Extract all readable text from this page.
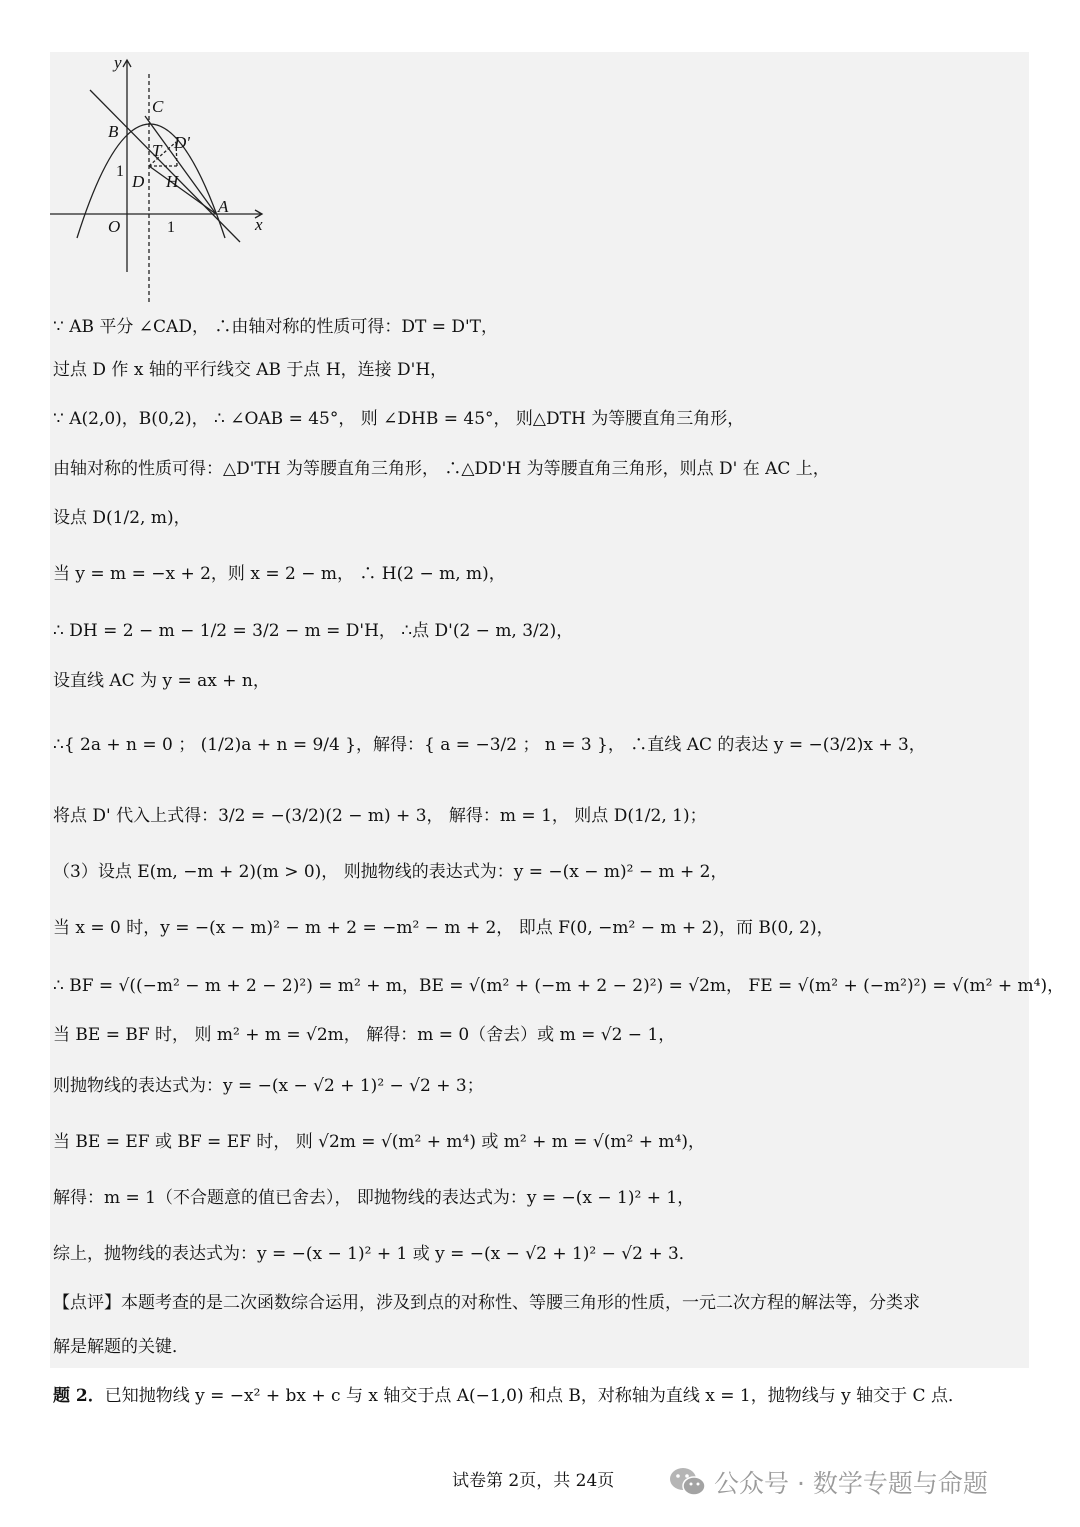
y
x
O
B
C
D'
T
D H
A
1
1
∵ AB 平分 ∠CAD， ∴由轴对称的性质可得：DT = D'T，
过点 D 作 x 轴的平行线交 AB 于点 H，连接 D'H，
∵ A(2,0)，B(0,2)， ∴ ∠OAB = 45°， 则 ∠DHB = 45°， 则△DTH 为等腰直角三角形，
由轴对称的性质可得：△D'TH 为等腰直角三角形， ∴△DD'H 为等腰直角三角形，则点 D' 在 AC 上，
设点 D(1/2, m)，
当 y = m = −x + 2，则 x = 2 − m， ∴ H(2 − m, m)，
∴ DH = 2 − m − 1/2 = 3/2 − m = D'H， ∴点 D'(2 − m, 3/2)，
设直线 AC 为 y = ax + n，
∴{ 2a + n = 0 ； (1/2)a + n = 9/4 }，解得：{ a = −3/2 ； n = 3 }， ∴直线 AC 的表达 y = −(3/2)x + 3，
将点 D' 代入上式得：3/2 = −(3/2)(2 − m) + 3， 解得：m = 1， 则点 D(1/2, 1)；
（3）设点 E(m, −m + 2)(m > 0)， 则抛物线的表达式为：y = −(x − m)² − m + 2，
当 x = 0 时，y = −(x − m)² − m + 2 = −m² − m + 2， 即点 F(0, −m² − m + 2)，而 B(0, 2)，
∴ BF = √((−m² − m + 2 − 2)²) = m² + m，BE = √(m² + (−m + 2 − 2)²) = √2m， FE = √(m² + (−m²)²) = √(m² + m⁴)，
当 BE = BF 时， 则 m² + m = √2m， 解得：m = 0（舍去）或 m = √2 − 1，
则抛物线的表达式为：y = −(x − √2 + 1)² − √2 + 3；
当 BE = EF 或 BF = EF 时， 则 √2m = √(m² + m⁴) 或 m² + m = √(m² + m⁴)，
解得：m = 1（不合题意的值已舍去）， 即抛物线的表达式为：y = −(x − 1)² + 1，
综上，抛物线的表达式为：y = −(x − 1)² + 1 或 y = −(x − √2 + 1)² − √2 + 3．
【点评】本题考查的是二次函数综合运用，涉及到点的对称性、等腰三角形的性质，一元二次方程的解法等，分类求
解是解题的关键．
题 2．已知抛物线 y = −x² + bx + c 与 x 轴交于点 A(−1,0) 和点 B，对称轴为直线 x = 1，抛物线与 y 轴交于 C 点．
试卷第 2页，共 24页	公众号 · 数学专题与命题
